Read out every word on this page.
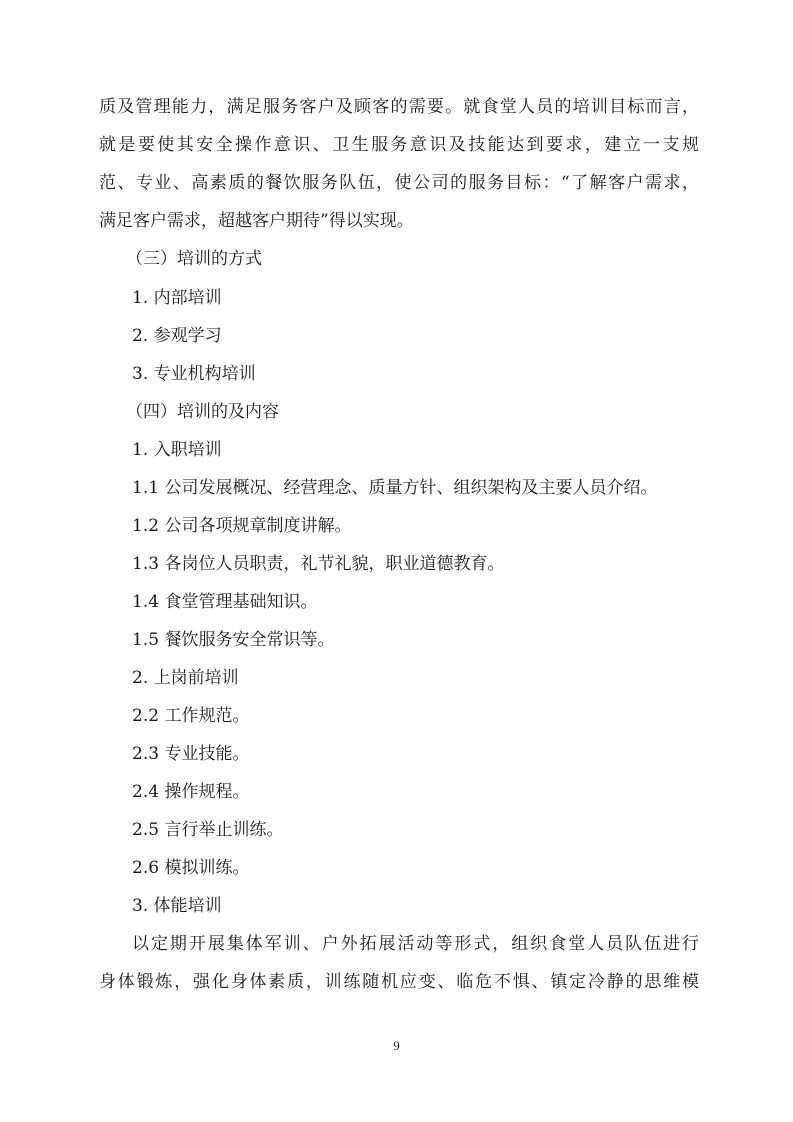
质及管理能力，满足服务客户及顾客的需要。就食堂人员的培训目标而言，
就是要使其安全操作意识、卫生服务意识及技能达到要求，建立一支规
范、专业、高素质的餐饮服务队伍，使公司的服务目标：“了解客户需求，
满足客户需求，超越客户期待”得以实现。
（三）培训的方式
1. 内部培训
2. 参观学习
3. 专业机构培训
（四）培训的及内容
1. 入职培训
1.1 公司发展概况、经营理念、质量方针、组织架构及主要人员介绍。
1.2 公司各项规章制度讲解。
1.3 各岗位人员职责，礼节礼貌，职业道德教育。
1.4 食堂管理基础知识。
1.5 餐饮服务安全常识等。
2. 上岗前培训
2.2 工作规范。
2.3 专业技能。
2.4 操作规程。
2.5 言行举止训练。
2.6 模拟训练。
3. 体能培训
以定期开展集体军训、户外拓展活动等形式，组织食堂人员队伍进行
身体锻炼，强化身体素质，训练随机应变、临危不惧、镇定冷静的思维模
9
